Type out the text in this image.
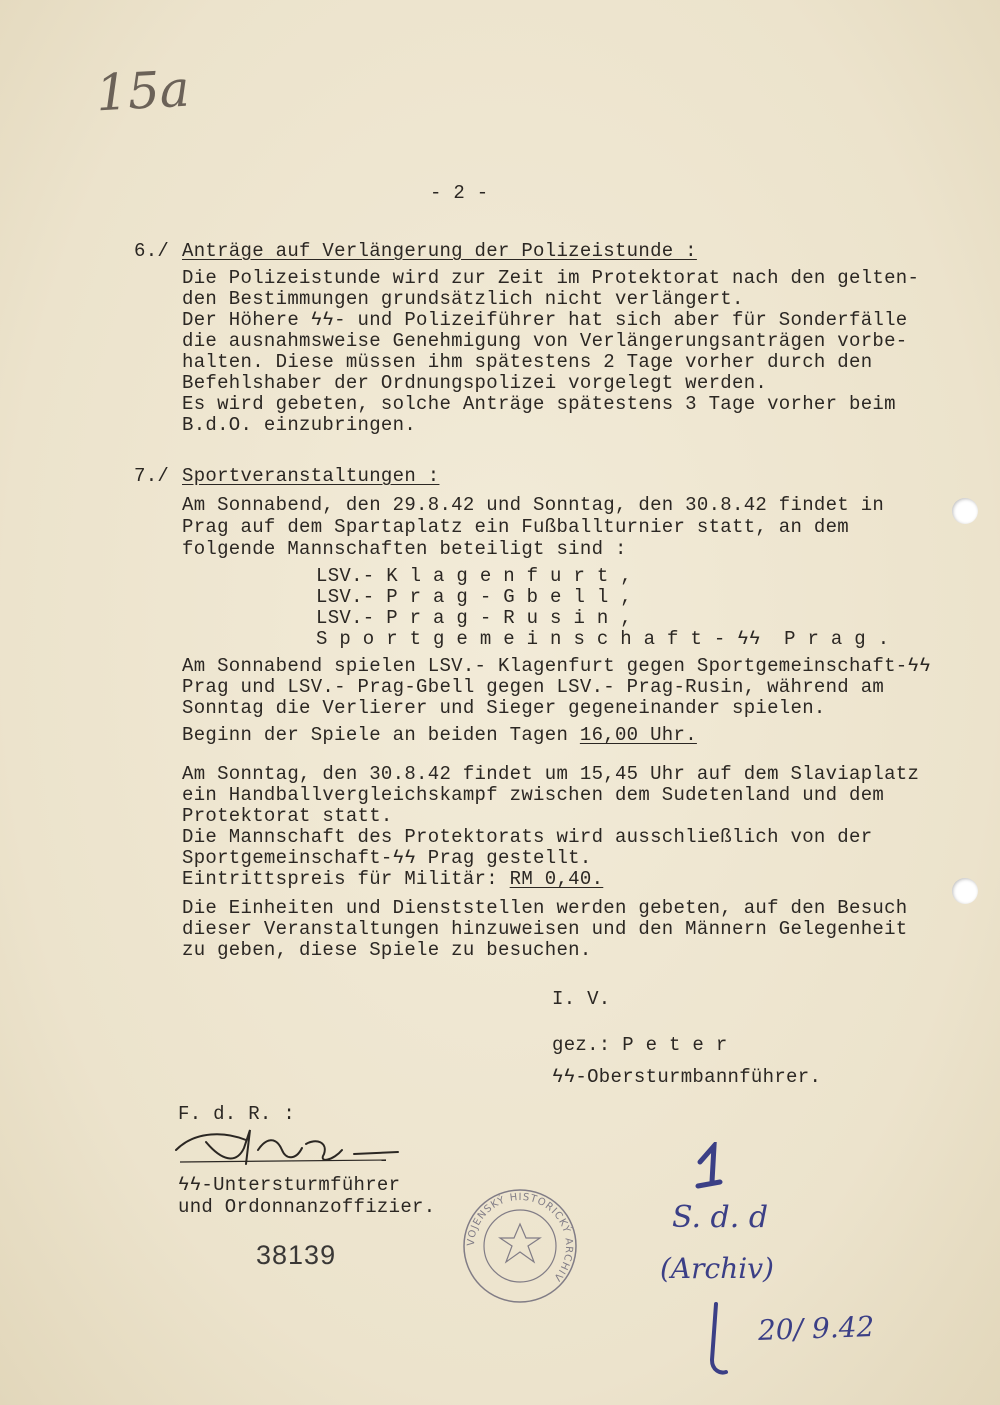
15a
- 2 -
6./ Anträge auf Verlängerung der Polizeistunde :
Die Polizeistunde wird zur Zeit im Protektorat nach den gelten-
den Bestimmungen grundsätzlich nicht verlängert.
Der Höhere ϟϟ- und Polizeiführer hat sich aber für Sonderfälle
die ausnahmsweise Genehmigung von Verlängerungsanträgen vorbe-
halten. Diese müssen ihm spätestens 2 Tage vorher durch den
Befehlshaber der Ordnungspolizei vorgelegt werden.
Es wird gebeten, solche Anträge spätestens 3 Tage vorher beim
B.d.O. einzubringen.
7./ Sportveranstaltungen :
Am Sonnabend, den 29.8.42 und Sonntag, den 30.8.42 findet in
Prag auf dem Spartaplatz ein Fußballturnier statt, an dem
folgende Mannschaften beteiligt sind :
LSV.- K l a g e n f u r t ,
LSV.- P r a g - G b e l l ,
LSV.- P r a g - R u s i n ,
S p o r t g e m e i n s c h a f t - ϟϟ  P r a g .
Am Sonnabend spielen LSV.- Klagenfurt gegen Sportgemeinschaft-ϟϟ
Prag und LSV.- Prag-Gbell gegen LSV.- Prag-Rusin, während am
Sonntag die Verlierer und Sieger gegeneinander spielen.
Beginn der Spiele an beiden Tagen 16,00 Uhr.
Am Sonntag, den 30.8.42 findet um 15,45 Uhr auf dem Slaviaplatz
ein Handballvergleichskampf zwischen dem Sudetenland und dem
Protektorat statt.
Die Mannschaft des Protektorats wird ausschließlich von der
Sportgemeinschaft-ϟϟ Prag gestellt.
Eintrittspreis für Militär: RM 0,40.
Die Einheiten und Dienststellen werden gebeten, auf den Besuch
dieser Veranstaltungen hinzuweisen und den Männern Gelegenheit
zu geben, diese Spiele zu besuchen.
I. V.
gez.: P e t e r
ϟϟ-Obersturmbannführer.
F. d. R. :
ϟϟ-Untersturmführer
und Ordonnanzoffizier.
38139	VOJENSKÝ HISTORICKÝ ARCHIV
S. d. d
(Archiv)
20/ 9.42
